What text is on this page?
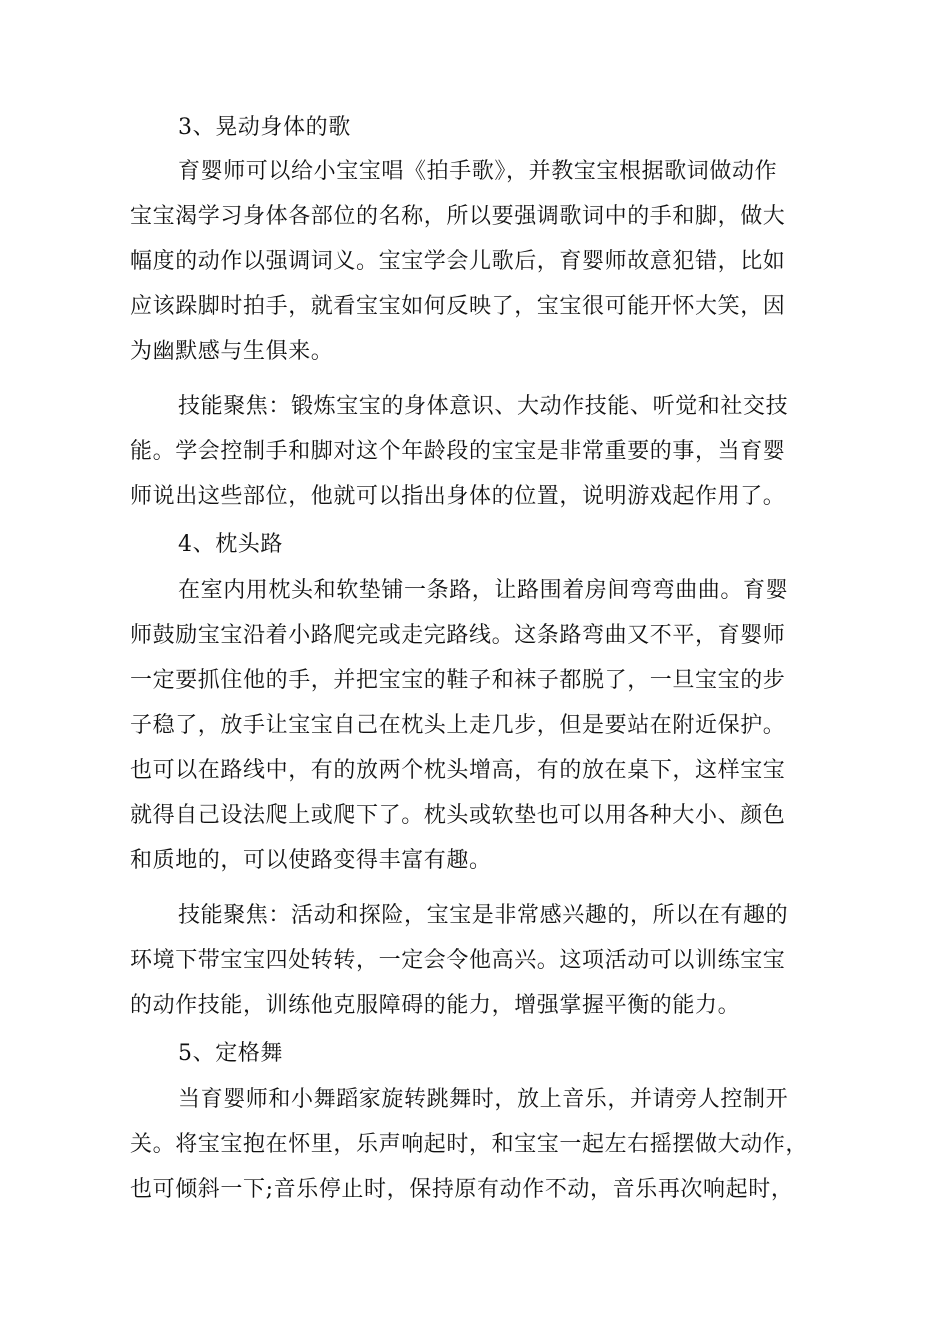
3、晃动身体的歌
育婴师可以给小宝宝唱《拍手歌》，并教宝宝根据歌词做动作
宝宝渴学习身体各部位的名称，所以要强调歌词中的手和脚，做大
幅度的动作以强调词义。宝宝学会儿歌后，育婴师故意犯错，比如
应该跺脚时拍手，就看宝宝如何反映了，宝宝很可能开怀大笑，因
为幽默感与生俱来。
技能聚焦：锻炼宝宝的身体意识、大动作技能、听觉和社交技
能。学会控制手和脚对这个年龄段的宝宝是非常重要的事，当育婴
师说出这些部位，他就可以指出身体的位置，说明游戏起作用了。
4、枕头路
在室内用枕头和软垫铺一条路，让路围着房间弯弯曲曲。育婴
师鼓励宝宝沿着小路爬完或走完路线。这条路弯曲又不平，育婴师
一定要抓住他的手，并把宝宝的鞋子和袜子都脱了，一旦宝宝的步
子稳了，放手让宝宝自己在枕头上走几步，但是要站在附近保护。
也可以在路线中，有的放两个枕头增高，有的放在桌下，这样宝宝
就得自己设法爬上或爬下了。枕头或软垫也可以用各种大小、颜色
和质地的，可以使路变得丰富有趣。
技能聚焦：活动和探险，宝宝是非常感兴趣的，所以在有趣的
环境下带宝宝四处转转，一定会令他高兴。这项活动可以训练宝宝
的动作技能，训练他克服障碍的能力，增强掌握平衡的能力。
5、定格舞
当育婴师和小舞蹈家旋转跳舞时，放上音乐，并请旁人控制开
关。将宝宝抱在怀里，乐声响起时，和宝宝一起左右摇摆做大动作，
也可倾斜一下;音乐停止时，保持原有动作不动，音乐再次响起时，
